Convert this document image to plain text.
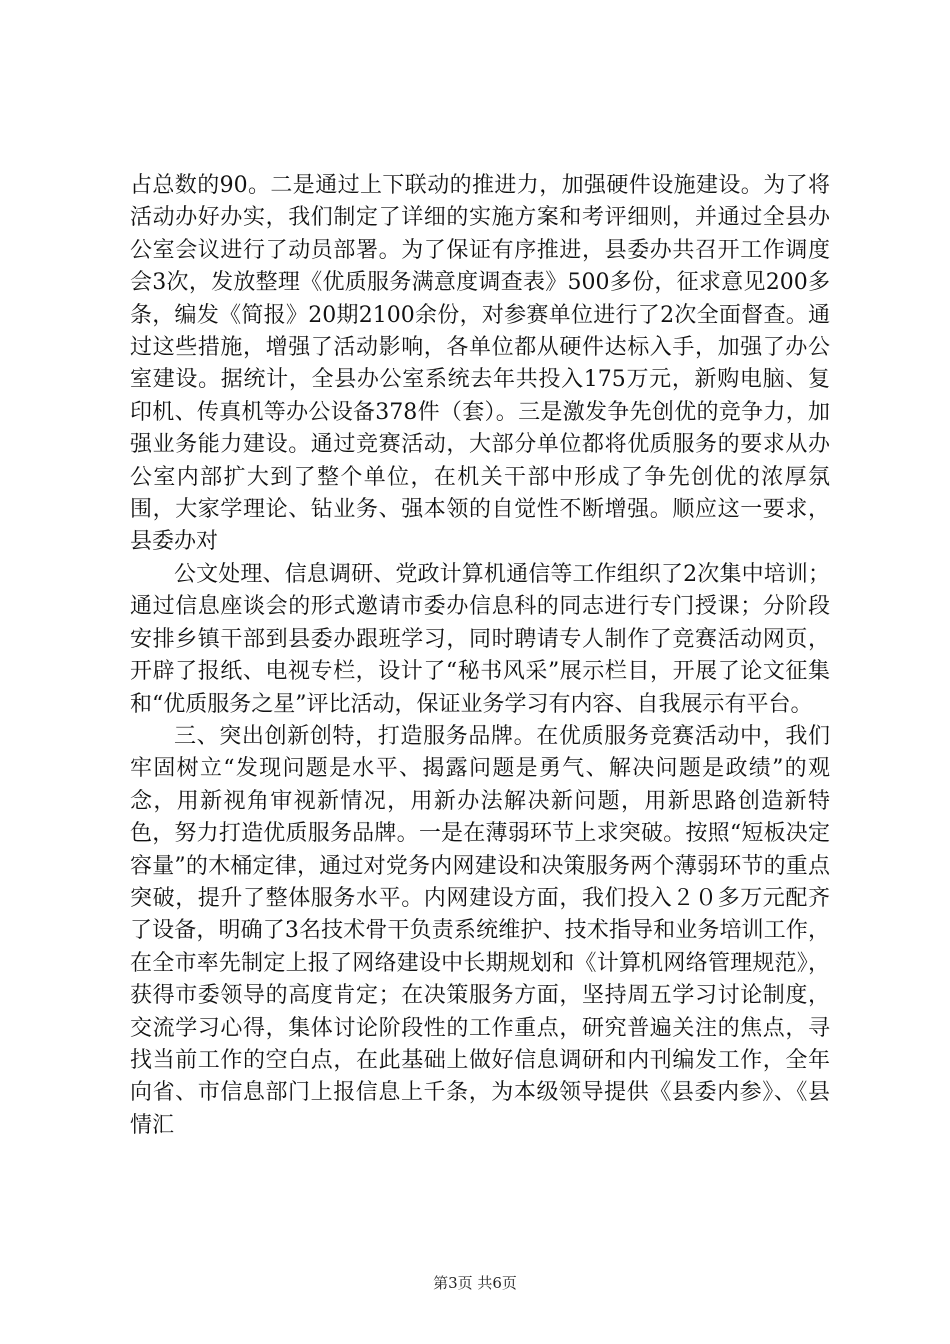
占总数的90。二是通过上下联动的推进力，加强硬件设施建设。为了将活动办好办实，我们制定了详细的实施方案和考评细则，并通过全县办公室会议进行了动员部署。为了保证有序推进，县委办共召开工作调度会3次，发放整理《优质服务满意度调查表》500多份，征求意见200多条，编发《简报》20期2100余份，对参赛单位进行了2次全面督查。通过这些措施，增强了活动影响，各单位都从硬件达标入手，加强了办公室建设。据统计，全县办公室系统去年共投入175万元，新购电脑、复印机、传真机等办公设备378件（套）。三是激发争先创优的竞争力，加强业务能力建设。通过竞赛活动，大部分单位都将优质服务的要求从办公室内部扩大到了整个单位，在机关干部中形成了争先创优的浓厚氛围，大家学理论、钻业务、强本领的自觉性不断增强。顺应这一要求，县委办对

公文处理、信息调研、党政计算机通信等工作组织了2次集中培训；通过信息座谈会的形式邀请市委办信息科的同志进行专门授课；分阶段安排乡镇干部到县委办跟班学习，同时聘请专人制作了竞赛活动网页，开辟了报纸、电视专栏，设计了“秘书风采”展示栏目，开展了论文征集和“优质服务之星”评比活动，保证业务学习有内容、自我展示有平台。

三、突出创新创特，打造服务品牌。在优质服务竞赛活动中，我们牢固树立“发现问题是水平、揭露问题是勇气、解决问题是政绩”的观念，用新视角审视新情况，用新办法解决新问题，用新思路创造新特色，努力打造优质服务品牌。一是在薄弱环节上求突破。按照“短板决定容量”的木桶定律，通过对党务内网建设和决策服务两个薄弱环节的重点突破，提升了整体服务水平。内网建设方面，我们投入２０多万元配齐了设备，明确了3名技术骨干负责系统维护、技术指导和业务培训工作，在全市率先制定上报了网络建设中长期规划和《计算机网络管理规范》，获得市委领导的高度肯定；在决策服务方面，坚持周五学习讨论制度，交流学习心得，集体讨论阶段性的工作重点，研究普遍关注的焦点，寻找当前工作的空白点，在此基础上做好信息调研和内刊编发工作，全年向省、市信息部门上报信息上千条，为本级领导提供《县委内参》、《县情汇

第3页 共6页
